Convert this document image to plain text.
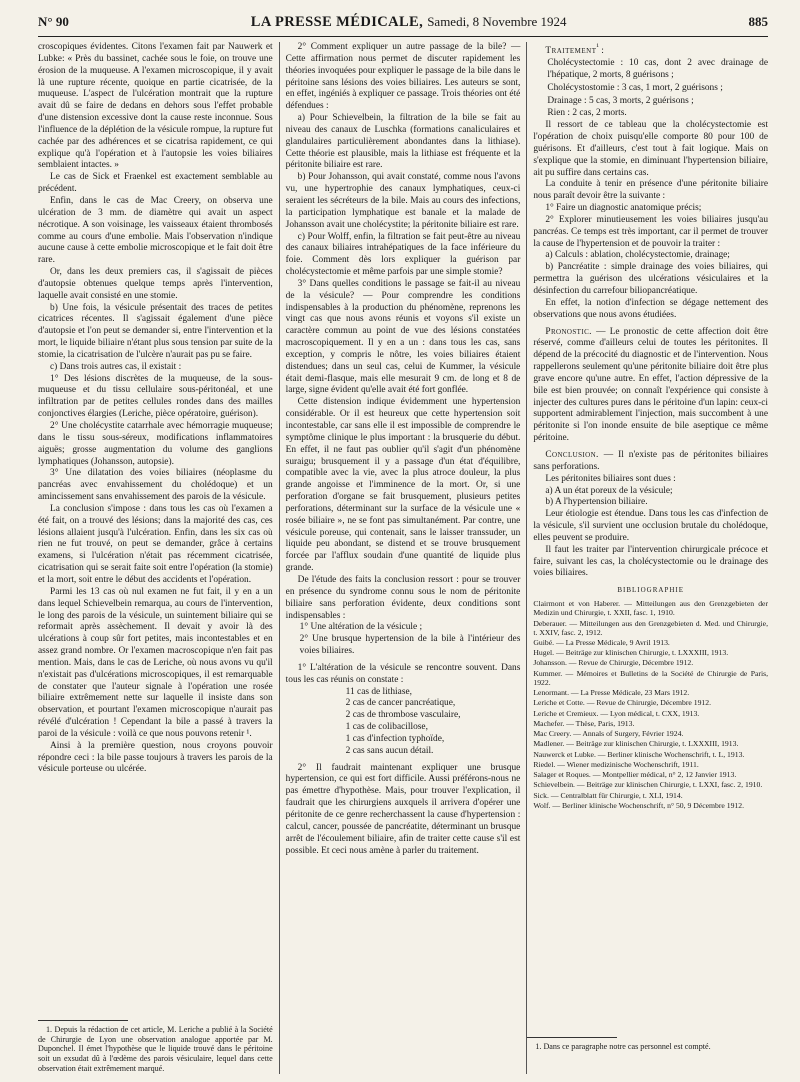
N° 90	LA PRESSE MÉDICALE, Samedi, 8 Novembre 1924	885

croscopiques évidentes. Citons l'examen fait par Nauwerk et Lubke: « Près du bassinet, cachée sous le foie, on trouve une érosion de la muqueuse. A l'examen microscopique, il y avait là une rupture récente, quoique en partie cicatrisée, de la muqueuse. L'aspect de l'ulcération montrait que la rupture avait dû se faire de dedans en dehors sous l'effet probable d'une distension excessive dont la cause reste inconnue. Sous l'influence de la déplétion de la vésicule rompue, la rupture fut cachée par des adhérences et se cicatrisa rapidement, ce qui explique qu'à l'opération et à l'autopsie les voies biliaires semblaient intactes. »

Le cas de Sick et Fraenkel est exactement semblable au précédent.

Enfin, dans le cas de Mac Creery, on observa une ulcération de 3 mm. de diamètre qui avait un aspect nécrotique. A son voisinage, les vaisseaux étaient thrombosés comme au cours d'une embolie. Mais l'observation n'indique aucune cause à cette embolie microscopique et le fait doit être rare.

Or, dans les deux premiers cas, il s'agissait de pièces d'autopsie obtenues quelque temps après l'intervention, laquelle avait consisté en une stomie.

b) Une fois, la vésicule présentait des traces de petites cicatrices récentes. Il s'agissait également d'une pièce d'autopsie et l'on peut se demander si, entre l'intervention et la mort, le liquide biliaire n'étant plus sous tension par suite de la stomie, la cicatrisation de l'ulcère n'aurait pas pu se faire.

c) Dans trois autres cas, il existait :

1° Des lésions discrètes de la muqueuse, de la sous-muqueuse et du tissu cellulaire sous-péritonéal, et une infiltration par de petites cellules rondes dans des mailles conjonctives élargies (Leriche, pièce opératoire, guérison).

2° Une cholécystite catarrhale avec hémorragie muqueuse; dans le tissu sous-séreux, modifications inflammatoires aiguës; grosse augmentation du volume des ganglions lymphatiques (Johansson, autopsie).

3° Une dilatation des voies biliaires (néoplasme du pancréas avec envahissement du cholédoque) et un amincissement sans envahissement des parois de la vésicule.

La conclusion s'impose : dans tous les cas où l'examen a été fait, on a trouvé des lésions; dans la majorité des cas, ces lésions allaient jusqu'à l'ulcération. Enfin, dans les six cas où rien ne fut trouvé, on peut se demander, grâce à certains examens, si l'ulcération n'était pas récemment cicatrisée, cicatrisation qui se serait faite soit entre l'opération (la stomie) et la mort, soit entre le début des accidents et l'opération.

Parmi les 13 cas où nul examen ne fut fait, il y en a un dans lequel Schievelbein remarqua, au cours de l'intervention, le long des parois de la vésicule, un suintement biliaire qui se reformait après assèchement. Il devait y avoir là des ulcérations à coup sûr fort petites, mais incontestables et en assez grand nombre. Or l'examen macroscopique n'en fait pas mention. Mais, dans le cas de Leriche, où nous avons vu qu'il n'existait pas d'ulcérations microscopiques, il est remarquable de constater que l'auteur signale à l'opération une rosée biliaire extrêmement nette sur laquelle il insiste dans son observation, et pourtant l'examen microscopique n'aurait pas révélé d'ulcération ! Cependant la bile a passé à travers la paroi de la vésicule : voilà ce que nous pouvons retenir ¹.

Ainsi à la première question, nous croyons pouvoir répondre ceci : la bile passe toujours à travers les parois de la vésicule porteuse ou ulcérée.

1. Depuis la rédaction de cet article, M. Leriche a publié à la Société de Chirurgie de Lyon une observation analogue apportée par M. Duponchel. Il émet l'hypothèse que le liquide trouvé dans le péritoine soit un exsudat dû à l'œdème des parois vésiculaire, lequel dans cette observation était extrêmement marqué.

2° Comment expliquer un autre passage de la bile? — Cette affirmation nous permet de discuter rapidement les théories invoquées pour expliquer le passage de la bile dans le péritoine sans lésions des voies biliaires. Les auteurs se sont, en effet, ingéniés à expliquer ce passage. Trois théories ont été défendues :

a) Pour Schievelbein, la filtration de la bile se fait au niveau des canaux de Luschka (formations canaliculaires et glandulaires particulièrement abondantes dans la lithiase). Cette théorie est plausible, mais la lithiase est fréquente et la péritonite biliaire est rare.

b) Pour Johansson, qui avait constaté, comme nous l'avons vu, une hypertrophie des canaux lymphatiques, ceux-ci seraient les sécréteurs de la bile. Mais au cours des infections, la participation lymphatique est banale et la malade de Johansson avait une cholécystite; la péritonite biliaire est rare.

c) Pour Wolff, enfin, la filtration se fait peut-être au niveau des canaux biliaires intrahépatiques de la face inférieure du foie. Comment dès lors expliquer la guérison par cholécystectomie et même parfois par une simple stomie?

3° Dans quelles conditions le passage se fait-il au niveau de la vésicule? — Pour comprendre les conditions indispensables à la production du phénomène, reprenons les vingt cas que nous avons réunis et voyons s'il existe un caractère commun au point de vue des lésions constatées macroscopiquement. Il y en a un : dans tous les cas, sans exception, y compris le nôtre, les voies biliaires étaient distendues; dans un seul cas, celui de Kummer, la vésicule était demi-flasque, mais elle mesurait 9 cm. de long et 8 de large, signe évident qu'elle avait été fort gonflée.

Cette distension indique évidemment une hypertension considérable. Or il est heureux que cette hypertension soit incontestable, car sans elle il est impossible de comprendre le symptôme clinique le plus important : la brusquerie du début. En effet, il ne faut pas oublier qu'il s'agit d'un phénomène suraigu; brusquement il y a passage d'un état d'équilibre, compatible avec la vie, avec la plus atroce douleur, la plus grande angoisse et l'imminence de la mort. Or, si une perforation d'organe se fait brusquement, plusieurs petites perforations, déterminant sur la surface de la vésicule une « rosée biliaire », ne se font pas simultanément. Par contre, une vésicule poreuse, qui contenait, sans le laisser transsuder, un liquide peu abondant, se distend et se trouve brusquement forcée par l'afflux soudain d'une quantité de liquide plus grande.

De l'étude des faits la conclusion ressort : pour se trouver en présence du syndrome connu sous le nom de péritonite biliaire sans perforation évidente, deux conditions sont indispensables :

1° Une altération de la vésicule ;

2° Une brusque hypertension de la bile à l'intérieur des voies biliaires.

1° L'altération de la vésicule se rencontre souvent. Dans tous les cas réunis on constate :

11 cas de lithiase,

2 cas de cancer pancréatique,

2 cas de thrombose vasculaire,

1 cas de colibacillose,

1 cas d'infection typhoïde,

2 cas sans aucun détail.

2° Il faudrait maintenant expliquer une brusque hypertension, ce qui est fort difficile. Aussi préférons-nous ne pas émettre d'hypothèse. Mais, pour trouver l'explication, il faudrait que les chirurgiens auxquels il arrivera d'opérer une péritonite de ce genre recherchassent la cause d'hypertension : calcul, cancer, poussée de pancréatite, déterminant un brusque arrêt de l'écoulement biliaire, afin de traiter cette cause s'il est possible. Et ceci nous amène à parler du traitement.

Traitement$^{^1}$ :

Cholécystectomie : 10 cas, dont 2 avec drainage de l'hépatique, 2 morts, 8 guérisons ;

Cholécystostomie : 3 cas, 1 mort, 2 guérisons ;

Drainage : 5 cas, 3 morts, 2 guérisons ;

Rien : 2 cas, 2 morts.

Il ressort de ce tableau que la cholécystectomie est l'opération de choix puisqu'elle comporte 80 pour 100 de guérisons. Et d'ailleurs, c'est tout à fait logique. Mais on s'explique que la stomie, en diminuant l'hypertension biliaire, ait pu suffire dans certains cas.

La conduite à tenir en présence d'une péritonite biliaire nous paraît devoir être la suivante :

1° Faire un diagnostic anatomique précis;

2° Explorer minutieusement les voies biliaires jusqu'au pancréas. Ce temps est très important, car il permet de trouver la cause de l'hypertension et de pouvoir la traiter :

a) Calculs : ablation, cholécystectomie, drainage;

b) Pancréatite : simple drainage des voies biliaires, qui permettra la guérison des ulcérations vésiculaires et la désinfection du carrefour biliopancréatique.

En effet, la notion d'infection se dégage nettement des observations que nous avons étudiées.

Pronostic. — Le pronostic de cette affection doit être réservé, comme d'ailleurs celui de toutes les péritonites. Il dépend de la précocité du diagnostic et de l'intervention. Nous rappellerons seulement qu'une péritonite biliaire doit être plus grave encore qu'une autre. En effet, l'action dépressive de la bile est bien prouvée; on connaît l'expérience qui consiste à injecter des cultures pures dans le péritoine d'un lapin: ceux-ci supportent admirablement l'injection, mais succombent à une péritonite si l'on inonde ensuite de bile aseptique ce même péritoine.

Conclusion. — Il n'existe pas de péritonites biliaires sans perforations.

Les péritonites biliaires sont dues :

a) A un état poreux de la vésicule;

b) A l'hypertension biliaire.

Leur étiologie est étendue. Dans tous les cas d'infection de la vésicule, s'il survient une occlusion brutale du cholédoque, elles peuvent se produire.

Il faut les traiter par l'intervention chirurgicale précoce et faire, suivant les cas, la cholécystectomie ou le drainage des voies biliaires.

BIBLIOGRAPHIE

Clairmont et von Haberer. — Mitteilungen aus den Grenzgebieten der Medizin und Chirurgie, t. XXII, fasc. 1, 1910.

Deberauer. — Mitteilungen aus den Grenzgebieten d. Med. und Chirurgie, t. XXIV, fasc. 2, 1912.

Guibé. — La Presse Médicale, 9 Avril 1913.

Hugel. — Beiträge zur klinischen Chirurgie, t. LXXXIII, 1913.

Johansson. — Revue de Chirurgie, Décembre 1912.

Kummer. — Mémoires et Bulletins de la Société de Chirurgie de Paris, 1922.

Lenormant. — La Presse Médicale, 23 Mars 1912.

Leriche et Cotte. — Revue de Chirurgie, Décembre 1912.

Leriche et Cremieux. — Lyon médical, t. CXX, 1913.

Machefer. — Thèse, Paris, 1913.

Mac Creery. — Annals of Surgery, Février 1924.

Madlener. — Beiträge zur klinischen Chirurgie, t. LXXXIII, 1913.

Nauwerck et Lubke. — Berliner klinische Wochenschrift, t. L, 1913.

Riedel. — Wiener medizinische Wochenschrift, 1911.

Salager et Roques. — Montpellier médical, n° 2, 12 Janvier 1913.

Schievelbein. — Beiträge zur klinischen Chirurgie, t. LXXI, fasc. 2, 1910.

Sick. — Centralblatt für Chirurgie, t. XLI, 1914.

Wolf. — Berliner klinische Wochenschrift, n° 50, 9 Décembre 1912.

1. Dans ce paragraphe notre cas personnel est compté.
